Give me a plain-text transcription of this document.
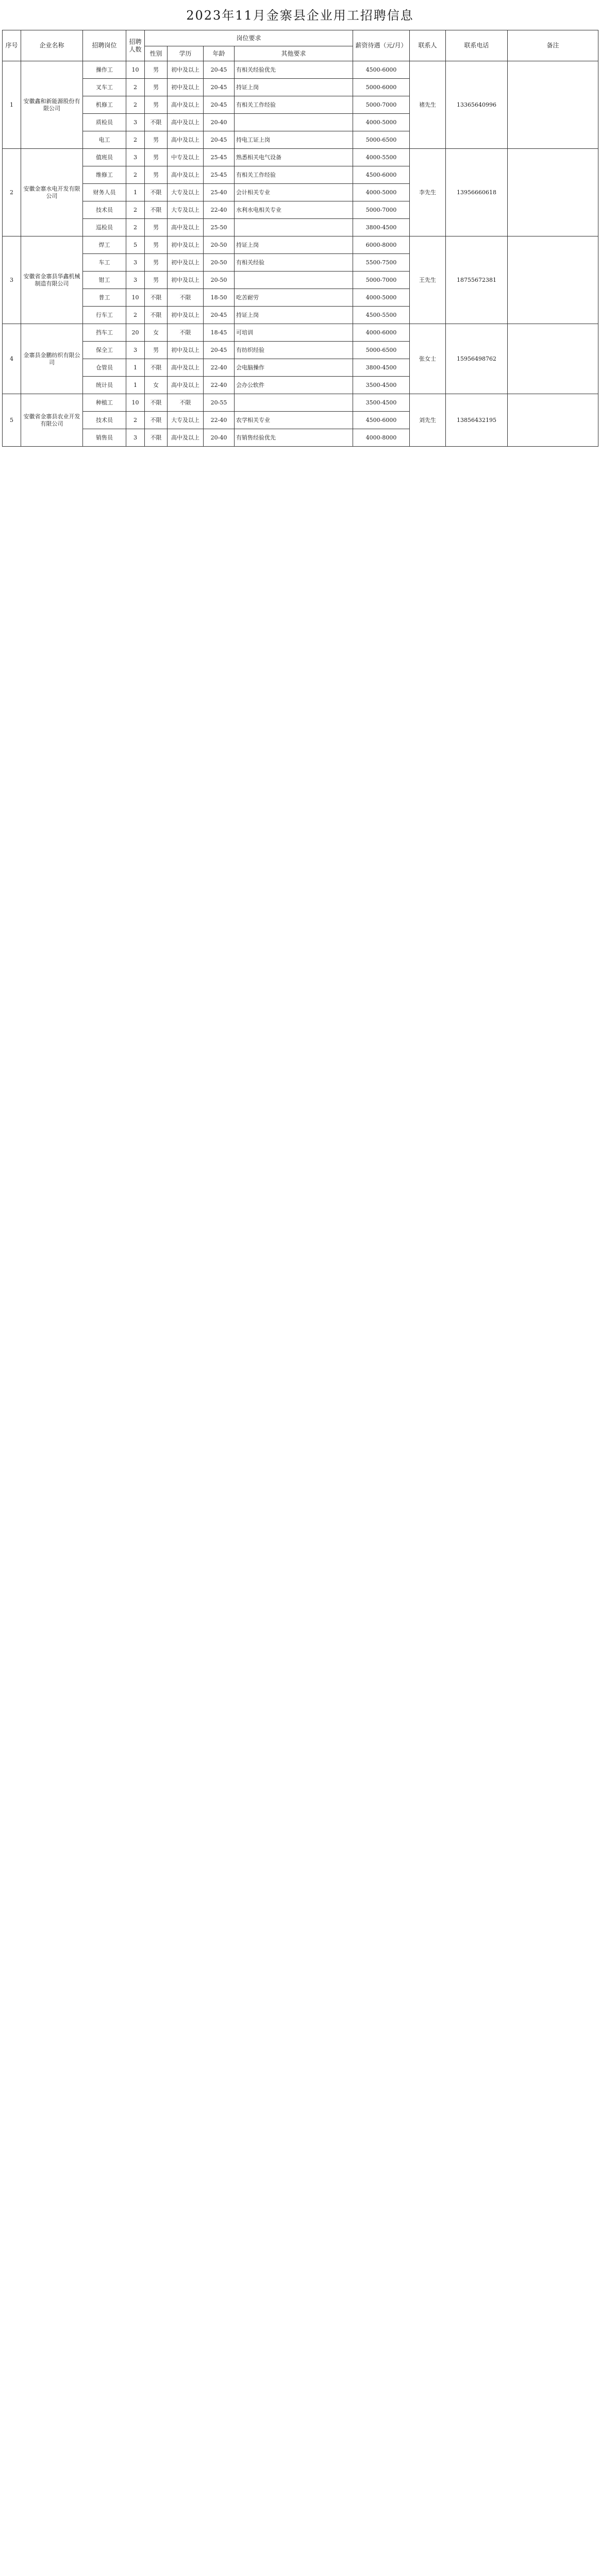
2023年11月金寨县企业用工招聘信息
序号	企业名称	招聘岗位	招聘人数	岗位要求				薪资待遇（元/月）	联系人	联系电话	备注
				性别	学历	年龄	其他要求				
1	安徽鑫和新能源股份有限公司	操作工	10	男	初中及以上	20-45	有相关经验优先	4500-6000	褚先生	13365640996	
		叉车工	2	男	初中及以上	20-45	持证上岗	5000-6000			
		机修工	2	男	高中及以上	20-45	有相关工作经验	5000-7000			
		质检员	3	不限	高中及以上	20-40		4000-5000			
		电工	2	男	高中及以上	20-45	持电工证上岗	5000-6500			
2	安徽金寨水电开发有限公司	值班员	3	男	中专及以上	25-45	熟悉相关电气设备	4000-5500	李先生	13956660618	
		维修工	2	男	高中及以上	25-45	有相关工作经验	4500-6000			
		财务人员	1	不限	大专及以上	25-40	会计相关专业	4000-5000			
		技术员	2	不限	大专及以上	22-40	水利水电相关专业	5000-7000			
		巡检员	2	男	高中及以上	25-50		3800-4500			
3	安徽省金寨县华鑫机械制造有限公司	焊工	5	男	初中及以上	20-50	持证上岗	6000-8000	王先生	18755672381	
		车工	3	男	初中及以上	20-50	有相关经验	5500-7500			
		钳工	3	男	初中及以上	20-50		5000-7000			
		普工	10	不限	不限	18-50	吃苦耐劳	4000-5000			
		行车工	2	不限	初中及以上	20-45	持证上岗	4500-5500			
4	金寨县金鹏纺织有限公司	挡车工	20	女	不限	18-45	可培训	4000-6000	张女士	15956498762	
		保全工	3	男	初中及以上	20-45	有纺织经验	5000-6500			
		仓管员	1	不限	高中及以上	22-40	会电脑操作	3800-4500			
		统计员	1	女	高中及以上	22-40	会办公软件	3500-4500			
5	安徽省金寨县农业开发有限公司	种植工	10	不限	不限	20-55		3500-4500	刘先生	13856432195	
		技术员	2	不限	大专及以上	22-40	农学相关专业	4500-6000			
		销售员	3	不限	高中及以上	20-40	有销售经验优先	4000-8000			
